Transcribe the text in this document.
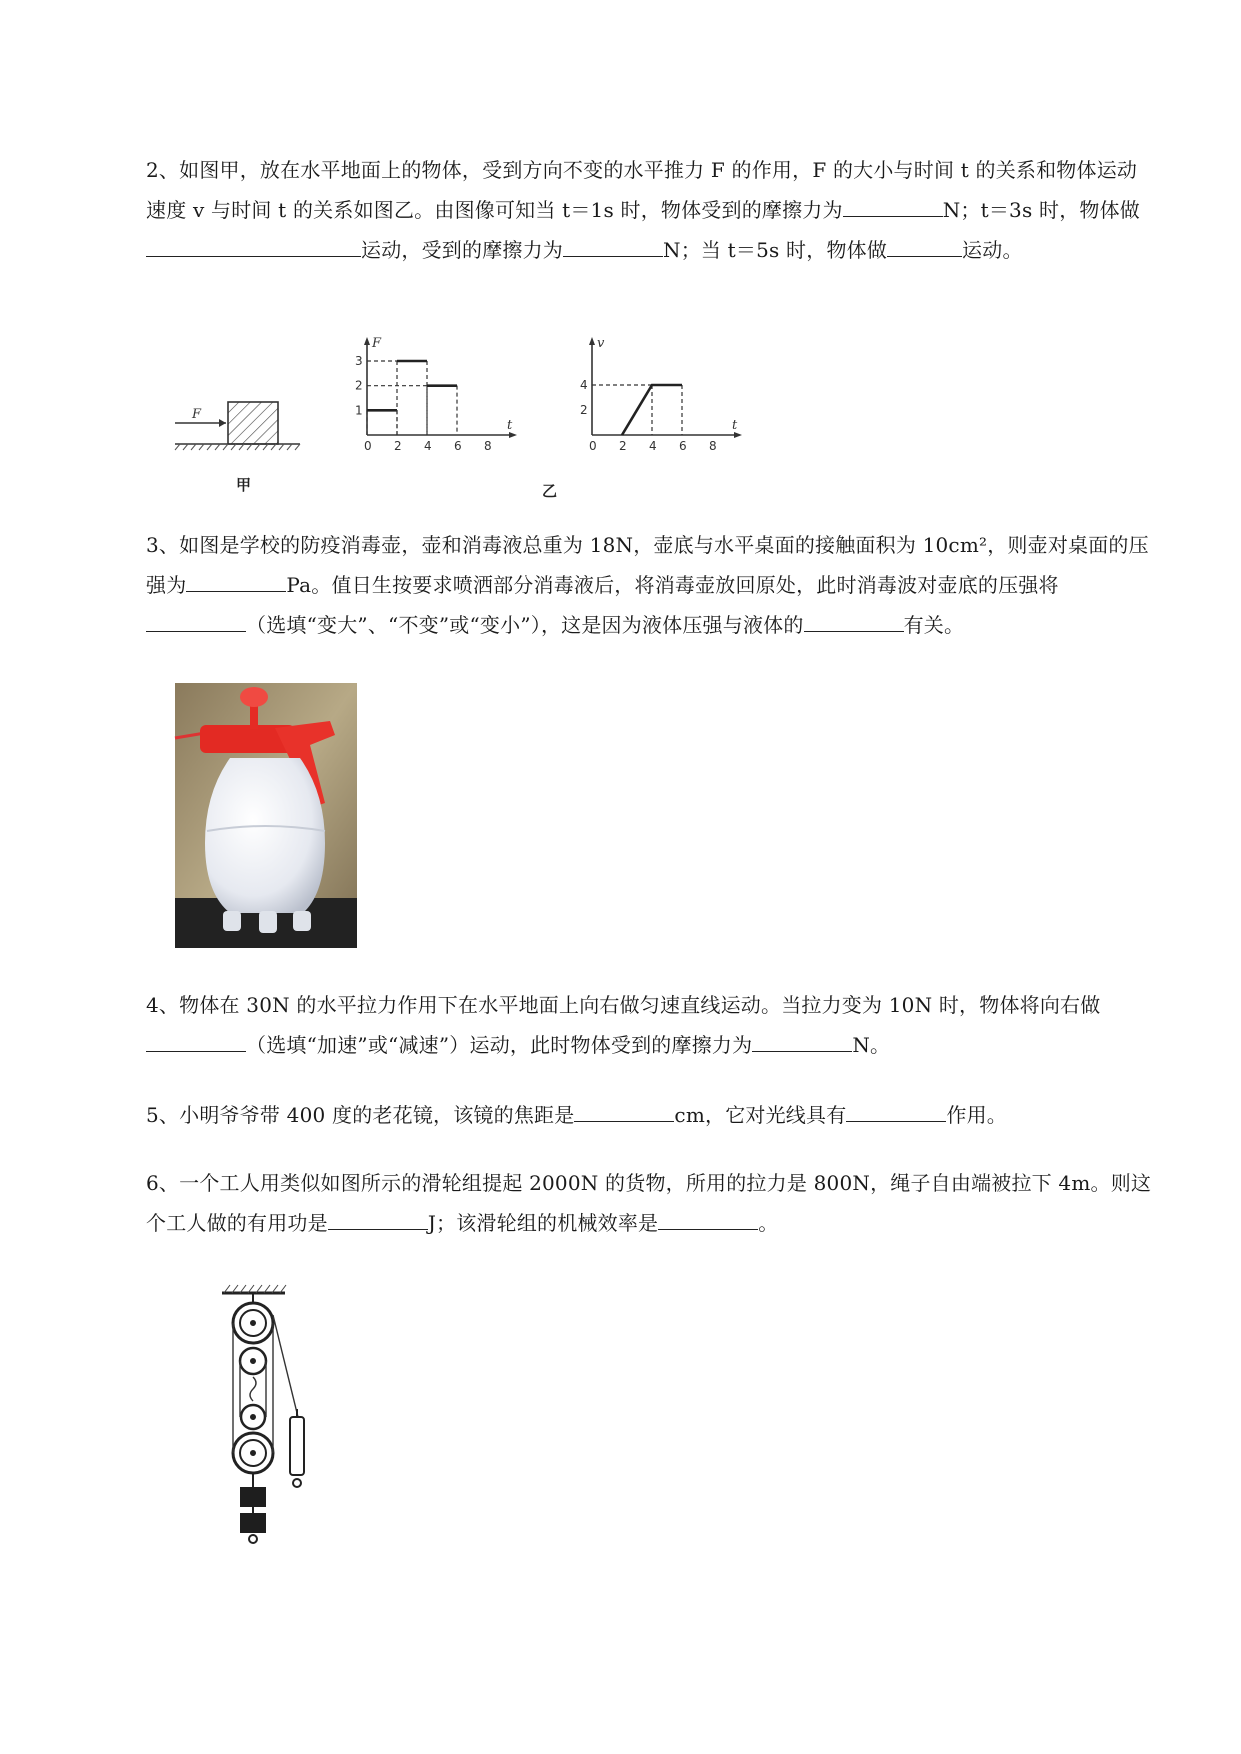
2、如图甲，放在水平地面上的物体，受到方向不变的水平推力 F 的作用，F 的大小与时间 t 的关系和物体运动速度 v 与时间 t 的关系如图乙。由图像可知当 t＝1s 时，物体受到的摩擦力为	N；t＝3s 时，物体做运动，受到的摩擦力为	N；当 t＝5s 时，物体做	运动。
F
甲
F
t
0 2 4 6 8
1
2
3
v
t
0 2 4 6 8
2
4
乙
3、如图是学校的防疫消毒壶，壶和消毒液总重为 18N，壶底与水平桌面的接触面积为 10cm²，则壶对桌面的压强为	Pa。值日生按要求喷洒部分消毒液后，将消毒壶放回原处，此时消毒波对壶底的压强将（选填“变大”、“不变”或“变小”），这是因为液体压强与液体的	有关。
4、物体在 30N 的水平拉力作用下在水平地面上向右做匀速直线运动。当拉力变为 10N 时，物体将向右做（选填“加速”或“减速”）运动，此时物体受到的摩擦力为	N。
5、小明爷爷带 400 度的老花镜，该镜的焦距是	cm，它对光线具有	作用。
6、一个工人用类似如图所示的滑轮组提起 2000N 的货物，所用的拉力是 800N，绳子自由端被拉下 4m。则这个工人做的有用功是	J；该滑轮组的机械效率是	。
